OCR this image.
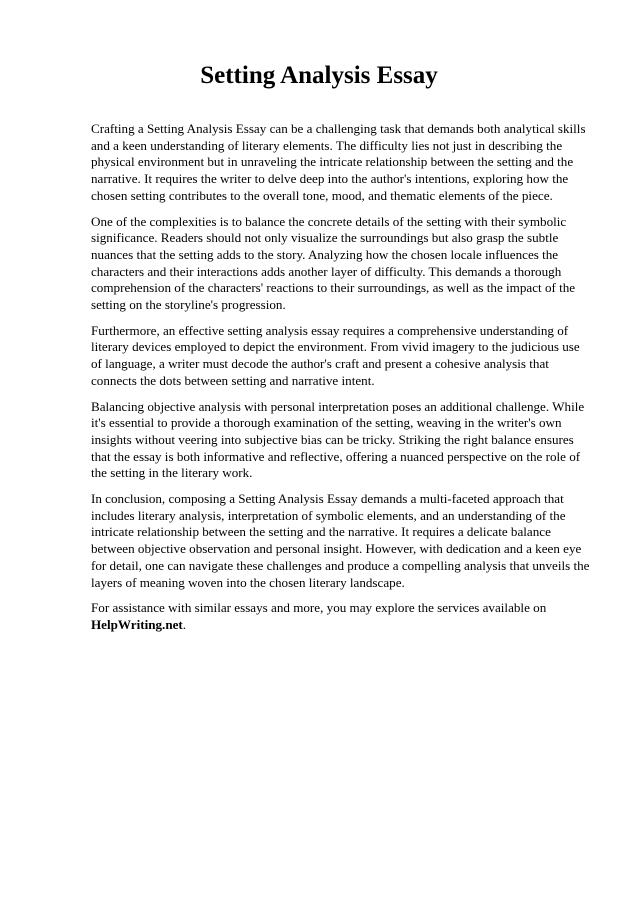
Setting Analysis Essay

Crafting a Setting Analysis Essay can be a challenging task that demands both analytical skills and a keen understanding of literary elements. The difficulty lies not just in describing the physical environment but in unraveling the intricate relationship between the setting and the narrative. It requires the writer to delve deep into the author's intentions, exploring how the chosen setting contributes to the overall tone, mood, and thematic elements of the piece.

One of the complexities is to balance the concrete details of the setting with their symbolic significance. Readers should not only visualize the surroundings but also grasp the subtle nuances that the setting adds to the story. Analyzing how the chosen locale influences the characters and their interactions adds another layer of difficulty. This demands a thorough comprehension of the characters' reactions to their surroundings, as well as the impact of the setting on the storyline's progression.

Furthermore, an effective setting analysis essay requires a comprehensive understanding of literary devices employed to depict the environment. From vivid imagery to the judicious use of language, a writer must decode the author's craft and present a cohesive analysis that connects the dots between setting and narrative intent.

Balancing objective analysis with personal interpretation poses an additional challenge. While it's essential to provide a thorough examination of the setting, weaving in the writer's own insights without veering into subjective bias can be tricky. Striking the right balance ensures that the essay is both informative and reflective, offering a nuanced perspective on the role of the setting in the literary work.

In conclusion, composing a Setting Analysis Essay demands a multi-faceted approach that includes literary analysis, interpretation of symbolic elements, and an understanding of the intricate relationship between the setting and the narrative. It requires a delicate balance between objective observation and personal insight. However, with dedication and a keen eye for detail, one can navigate these challenges and produce a compelling analysis that unveils the layers of meaning woven into the chosen literary landscape.

For assistance with similar essays and more, you may explore the services available on
HelpWriting.net.
